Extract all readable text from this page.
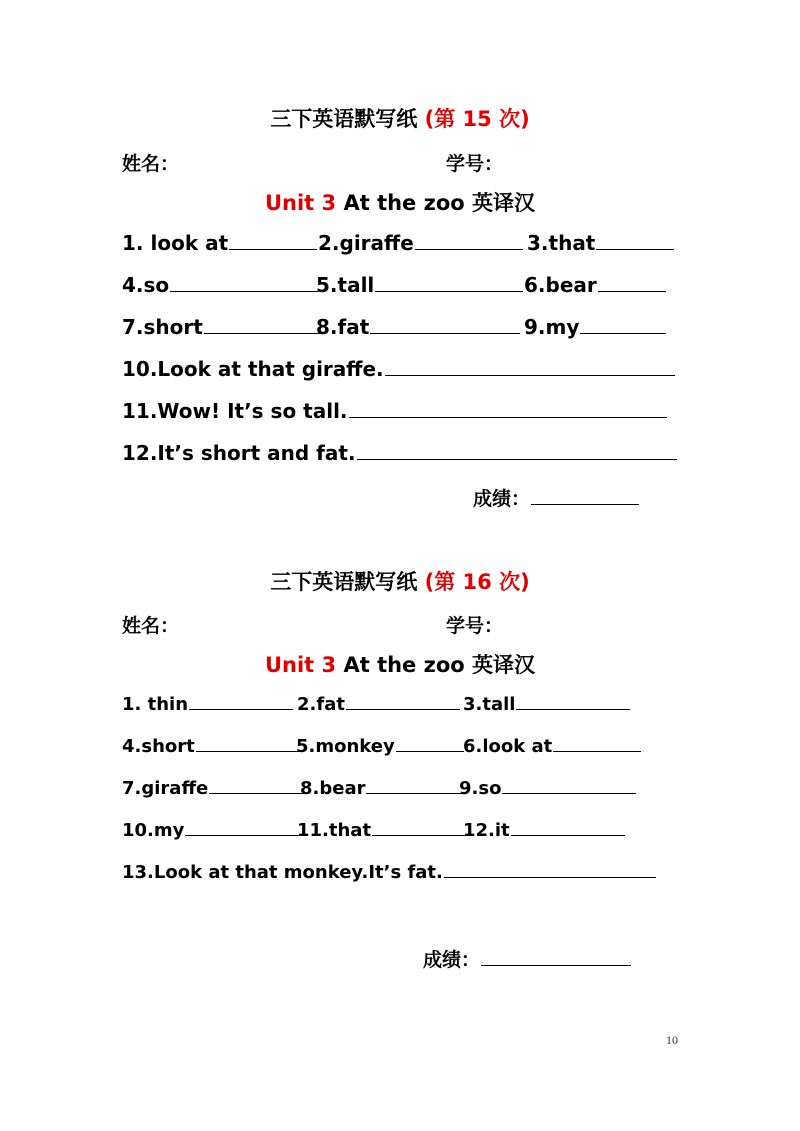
三下英语默写纸 (第 15 次)
姓名：	学号：
Unit 3 At the zoo 英译汉
1. look at	2.giraffe	3.that
4.so	5.tall	6.bear
7.short	8.fat	9.my
10.Look at that giraffe.
11.Wow! It’s so tall.
12.It’s short and fat.
成绩：
三下英语默写纸 (第 16 次)
姓名：	学号：
Unit 3 At the zoo 英译汉
1. thin	2.fat	3.tall
4.short	5.monkey	6.look at
7.giraffe	8.bear	9.so
10.my	11.that	12.it
13.Look at that monkey.It’s fat.
成绩：
10
